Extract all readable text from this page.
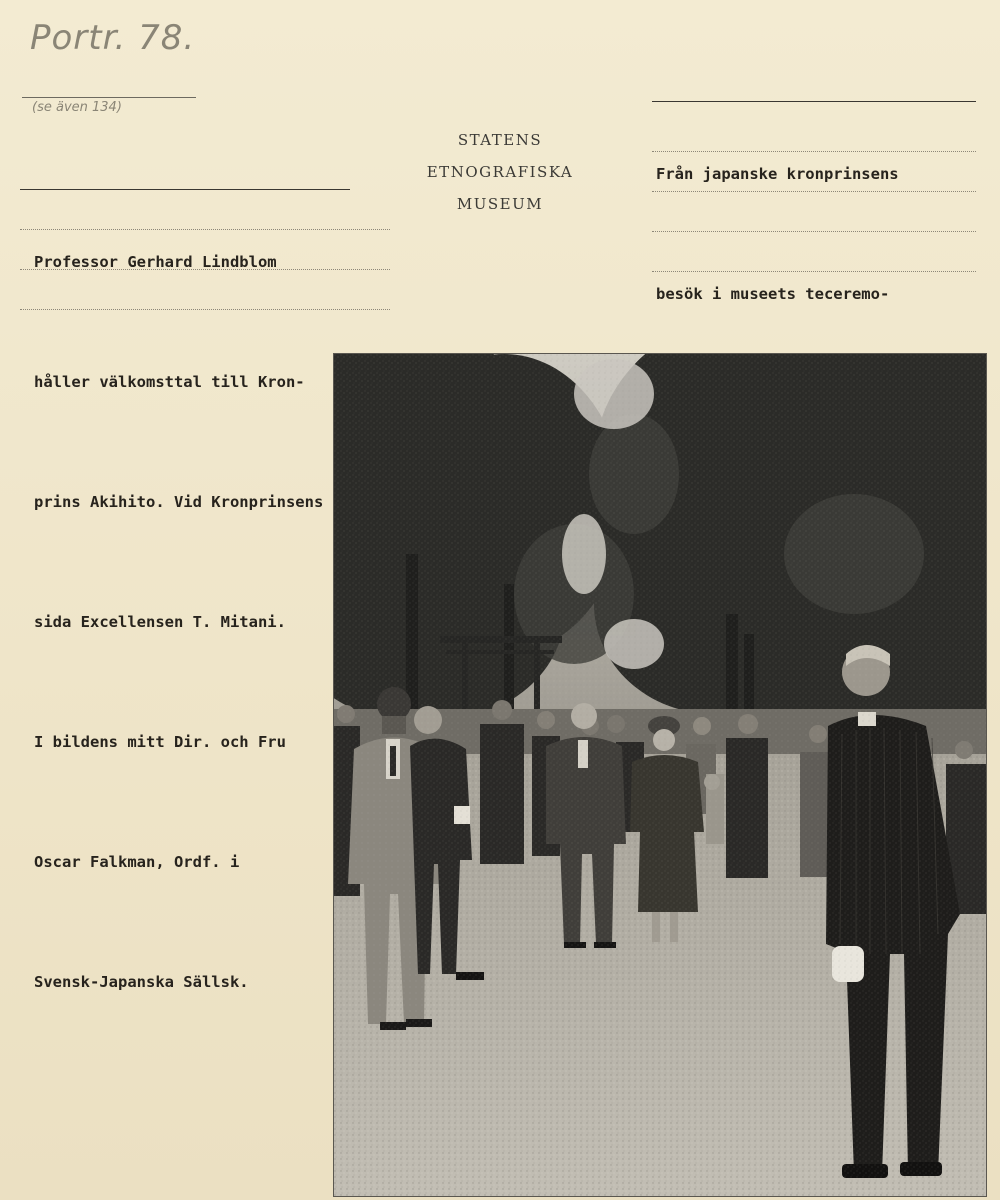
Portr. 78.
(se även 134)
STATENS
ETNOGRAFISKA
MUSEUM

Professor Gerhard Lindblom

håller välkomsttal till Kron-

prins Akihito. Vid Kronprinsens

sida Excellensen T. Mitani.

I bildens mitt Dir. och Fru

Oscar Falkman, Ordf. i

Svensk-Japanska Sällsk.

Från japanske kronprinsens

besök i museets teceremo-
